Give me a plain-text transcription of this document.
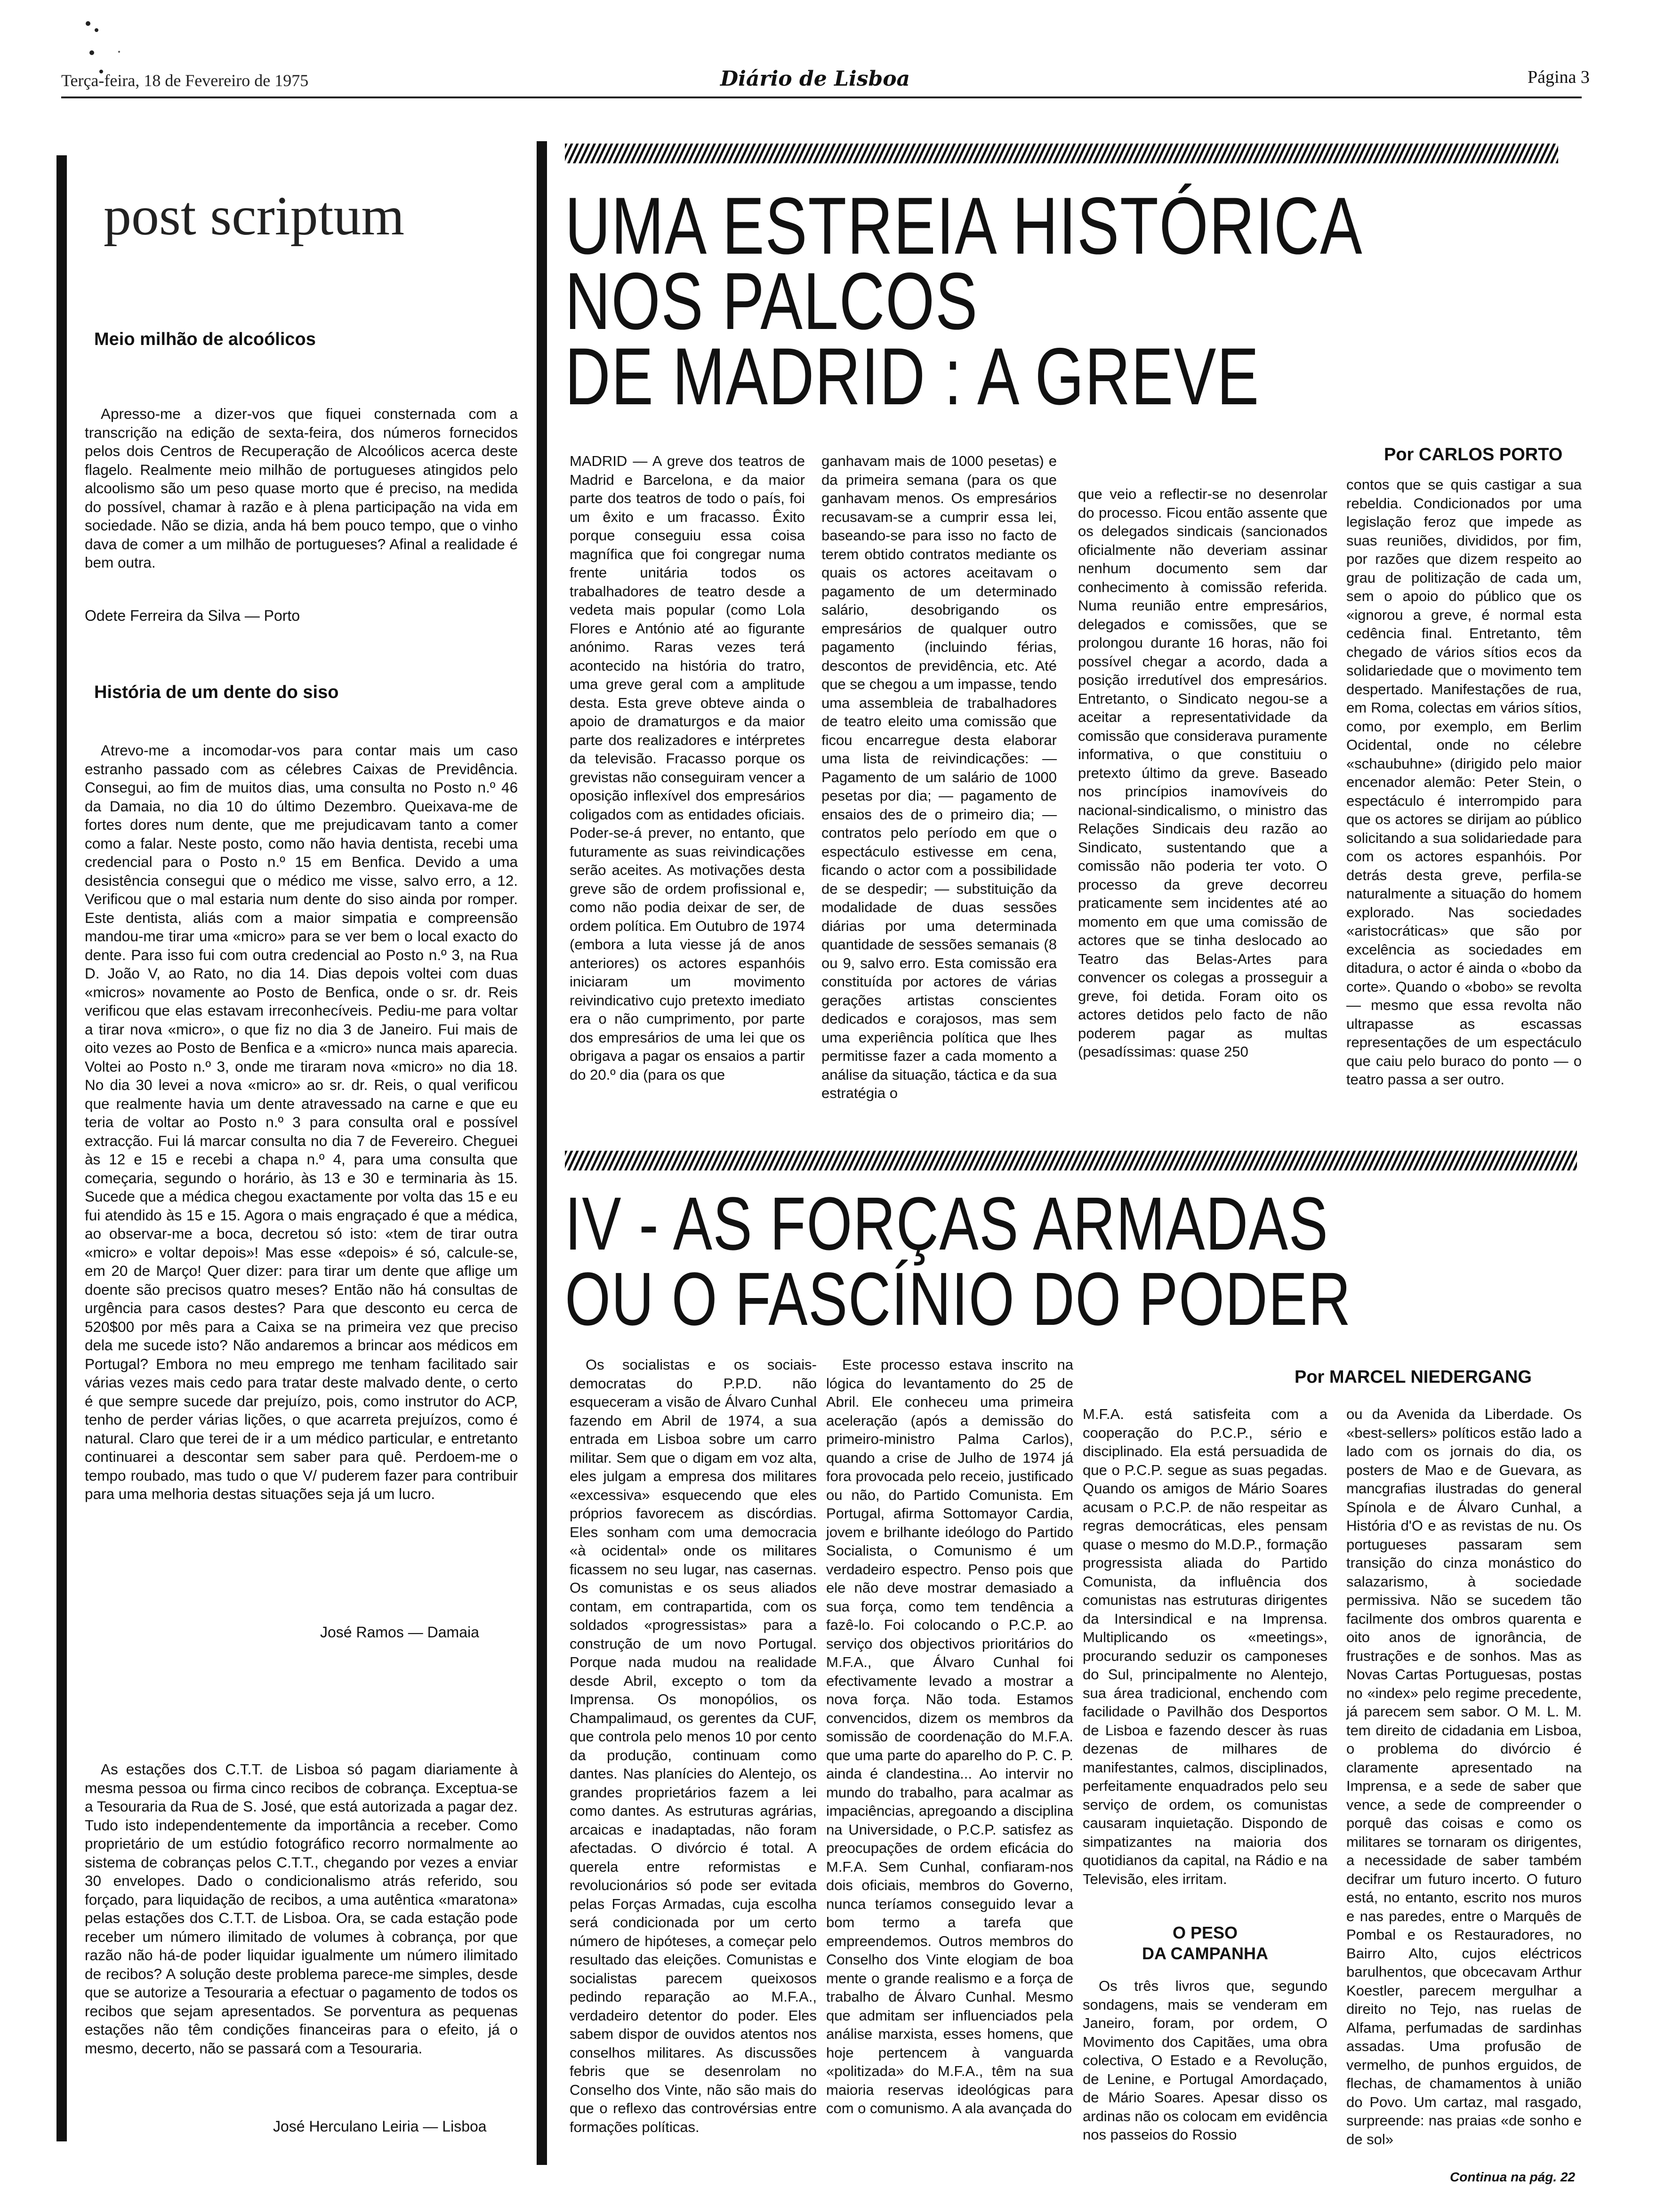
Terça-feira, 18 de Fevereiro de 1975	Diário de Lisboa	Página 3
post scriptum
Meio milhão de alcoólicos

Apresso-me a dizer-vos que fiquei consternada com a transcrição na edição de sexta-feira, dos números fornecidos pelos dois Centros de Recuperação de Alcoólicos acerca deste flagelo. Realmente meio milhão de portugueses atingidos pelo alcoolismo são um peso quase morto que é preciso, na medida do possível, chamar à razão e à plena participação na vida em sociedade. Não se dizia, anda há bem pouco tempo, que o vinho dava de comer a um milhão de portugueses? Afinal a realidade é bem outra.

Odete Ferreira da Silva — Porto
História de um dente do siso

Atrevo-me a incomodar-vos para contar mais um caso estranho passado com as célebres Caixas de Previdência. Consegui, ao fim de muitos dias, uma consulta no Posto n.º 46 da Damaia, no dia 10 do último Dezembro. Queixava-me de fortes dores num dente, que me prejudicavam tanto a comer como a falar. Neste posto, como não havia dentista, recebi uma credencial para o Posto n.º 15 em Benfica. Devido a uma desistência consegui que o médico me visse, salvo erro, a 12. Verificou que o mal estaria num dente do siso ainda por romper. Este dentista, aliás com a maior simpatia e compreensão mandou-me tirar uma «micro» para se ver bem o local exacto do dente. Para isso fui com outra credencial ao Posto n.º 3, na Rua D. João V, ao Rato, no dia 14. Dias depois voltei com duas «micros» novamente ao Posto de Benfica, onde o sr. dr. Reis verificou que elas estavam irreconhecíveis. Pediu-me para voltar a tirar nova «micro», o que fiz no dia 3 de Janeiro. Fui mais de oito vezes ao Posto de Benfica e a «micro» nunca mais aparecia. Voltei ao Posto n.º 3, onde me tiraram nova «micro» no dia 18. No dia 30 levei a nova «micro» ao sr. dr. Reis, o qual verificou que realmente havia um dente atravessado na carne e que eu teria de voltar ao Posto n.º 3 para consulta oral e possível extracção. Fui lá marcar consulta no dia 7 de Fevereiro. Cheguei às 12 e 15 e recebi a chapa n.º 4, para uma consulta que começaria, segundo o horário, às 13 e 30 e terminaria às 15. Sucede que a médica chegou exactamente por volta das 15 e eu fui atendido às 15 e 15. Agora o mais engraçado é que a médica, ao observar-me a boca, decretou só isto: «tem de tirar outra «micro» e voltar depois»! Mas esse «depois» é só, calcule-se, em 20 de Março! Quer dizer: para tirar um dente que aflige um doente são precisos quatro meses? Então não há consultas de urgência para casos destes? Para que desconto eu cerca de 520$00 por mês para a Caixa se na primeira vez que preciso dela me sucede isto? Não andaremos a brincar aos médicos em Portugal? Embora no meu emprego me tenham facilitado sair várias vezes mais cedo para tratar deste malvado dente, o certo é que sempre sucede dar prejuízo, pois, como instrutor do ACP, tenho de perder várias lições, o que acarreta prejuízos, como é natural. Claro que terei de ir a um médico particular, e entretanto continuarei a descontar sem saber para quê. Perdoem-me o tempo roubado, mas tudo o que V/ puderem fazer para contribuir para uma melhoria destas situações seja já um lucro.

José Ramos — Damaia

As estações dos C.T.T. de Lisboa só pagam diariamente à mesma pessoa ou firma cinco recibos de cobrança. Exceptua-se a Tesouraria da Rua de S. José, que está autorizada a pagar dez. Tudo isto independentemente da importância a receber. Como proprietário de um estúdio fotográfico recorro normalmente ao sistema de cobranças pelos C.T.T., chegando por vezes a enviar 30 envelopes. Dado o condicionalismo atrás referido, sou forçado, para liquidação de recibos, a uma autêntica «maratona» pelas estações dos C.T.T. de Lisboa. Ora, se cada estação pode receber um número ilimitado de volumes à cobrança, por que razão não há-de poder liquidar igualmente um número ilimitado de recibos? A solução deste problema parece-me simples, desde que se autorize a Tesouraria a efectuar o pagamento de todos os recibos que sejam apresentados. Se porventura as pequenas estações não têm condições financeiras para o efeito, já o mesmo, decerto, não se passará com a Tesouraria.

José Herculano Leiria — Lisboa
UMA ESTREIA HISTÓRICA
NOS PALCOS
DE MADRID : A GREVE
Por CARLOS PORTO

MADRID — A greve dos teatros de Madrid e Barcelona, e da maior parte dos teatros de todo o país, foi um êxito e um fracasso. Êxito porque conseguiu essa coisa magnífica que foi congregar numa frente unitária todos os trabalhadores de teatro desde a vedeta mais popular (como Lola Flores e António até ao figurante anónimo. Raras vezes terá acontecido na história do tratro, uma greve geral com a amplitude desta. Esta greve obteve ainda o apoio de dramaturgos e da maior parte dos realizadores e intérpretes da televisão. Fracasso porque os grevistas não conseguiram vencer a oposição inflexível dos empresários coligados com as entidades oficiais. Poder-se-á prever, no entanto, que futuramente as suas reivindicações serão aceites. As motivações desta greve são de ordem profissional e, como não podia deixar de ser, de ordem política. Em Outubro de 1974 (embora a luta viesse já de anos anteriores) os actores espanhóis iniciaram um movimento reivindicativo cujo pretexto imediato era o não cumprimento, por parte dos empresários de uma lei que os obrigava a pagar os ensaios a partir do 20.º dia (para os que

ganhavam mais de 1000 pesetas) e da primeira semana (para os que ganhavam menos. Os empresários recusavam-se a cumprir essa lei, baseando-se para isso no facto de terem obtido contratos mediante os quais os actores aceitavam o pagamento de um determinado salário, desobrigando os empresários de qualquer outro pagamento (incluindo férias, descontos de previdência, etc. Até que se chegou a um impasse, tendo uma assembleia de trabalhadores de teatro eleito uma comissão que ficou encarregue desta elaborar uma lista de reivindicações: — Pagamento de um salário de 1000 pesetas por dia; — pagamento de ensaios des de o primeiro dia; — contratos pelo período em que o espectáculo estivesse em cena, ficando o actor com a possibilidade de se despedir; — substituição da modalidade de duas sessões diárias por uma determinada quantidade de sessões semanais (8 ou 9, salvo erro. Esta comissão era constituída por actores de várias gerações artistas conscientes dedicados e corajosos, mas sem uma experiência política que lhes permitisse fazer a cada momento a análise da situação, táctica e da sua estratégia o

que veio a reflectir-se no desenrolar do processo. Ficou então assente que os delegados sindicais (sancionados oficialmente não deveriam assinar nenhum documento sem dar conhecimento à comissão referida. Numa reunião entre empresários, delegados e comissões, que se prolongou durante 16 horas, não foi possível chegar a acordo, dada a posição irredutível dos empresários. Entretanto, o Sindicato negou-se a aceitar a representatividade da comissão que considerava puramente informativa, o que constituiu o pretexto último da greve. Baseado nos princípios inamovíveis do nacional-sindicalismo, o ministro das Relações Sindicais deu razão ao Sindicato, sustentando que a comissão não poderia ter voto. O processo da greve decorreu praticamente sem incidentes até ao momento em que uma comissão de actores que se tinha deslocado ao Teatro das Belas-Artes para convencer os colegas a prosseguir a greve, foi detida. Foram oito os actores detidos pelo facto de não poderem pagar as multas (pesadíssimas: quase 250

contos que se quis castigar a sua rebeldia. Condicionados por uma legislação feroz que impede as suas reuniões, divididos, por fim, por razões que dizem respeito ao grau de politização de cada um, sem o apoio do público que os «ignorou a greve, é normal esta cedência final. Entretanto, têm chegado de vários sítios ecos da solidariedade que o movimento tem despertado. Manifestações de rua, em Roma, colectas em vários sítios, como, por exemplo, em Berlim Ocidental, onde no célebre «schaubuhne» (dirigido pelo maior encenador alemão: Peter Stein, o espectáculo é interrompido para que os actores se dirijam ao público solicitando a sua solidariedade para com os actores espanhóis. Por detrás desta greve, perfila-se naturalmente a situação do homem explorado. Nas sociedades «aristocráticas» que são por excelência as sociedades em ditadura, o actor é ainda o «bobo da corte». Quando o «bobo» se revolta — mesmo que essa revolta não ultrapasse as escassas representações de um espectáculo que caiu pelo buraco do ponto — o teatro passa a ser outro.

IV - AS FORÇAS ARMADAS
OU O FASCÍNIO DO PODER
Por MARCEL NIEDERGANG

Os socialistas e os sociais-democratas do P.P.D. não esqueceram a visão de Álvaro Cunhal fazendo em Abril de 1974, a sua entrada em Lisboa sobre um carro militar. Sem que o digam em voz alta, eles julgam a empresa dos militares «excessiva» esquecendo que eles próprios favorecem as discórdias. Eles sonham com uma democracia «à ocidental» onde os militares ficassem no seu lugar, nas casernas. Os comunistas e os seus aliados contam, em contrapartida, com os soldados «progressistas» para a construção de um novo Portugal. Porque nada mudou na realidade desde Abril, excepto o tom da Imprensa. Os monopólios, os Champalimaud, os gerentes da CUF, que controla pelo menos 10 por cento da produção, continuam como dantes. Nas planícies do Alentejo, os grandes proprietários fazem a lei como dantes. As estruturas agrárias, arcaicas e inadaptadas, não foram afectadas. O divórcio é total. A querela entre reformistas e revolucionários só pode ser evitada pelas Forças Armadas, cuja escolha será condicionada por um certo número de hipóteses, a começar pelo resultado das eleições. Comunistas e socialistas parecem queixosos pedindo reparação ao M.F.A., verdadeiro detentor do poder. Eles sabem dispor de ouvidos atentos nos conselhos militares. As discussões febris que se desenrolam no Conselho dos Vinte, não são mais do que o reflexo das controvérsias entre formações políticas.

Este processo estava inscrito na lógica do levantamento do 25 de Abril. Ele conheceu uma primeira aceleração (após a demissão do primeiro-ministro Palma Carlos), quando a crise de Julho de 1974 já fora provocada pelo receio, justificado ou não, do Partido Comunista. Em Portugal, afirma Sottomayor Cardia, jovem e brilhante ideólogo do Partido Socialista, o Comunismo é um verdadeiro espectro. Penso pois que ele não deve mostrar demasiado a sua força, como tem tendência a fazê-lo. Foi colocando o P.C.P. ao serviço dos objectivos prioritários do M.F.A., que Álvaro Cunhal foi efectivamente levado a mostrar a nova força. Não toda. Estamos convencidos, dizem os membros da somissão de coordenação do M.F.A. que uma parte do aparelho do P. C. P. ainda é clandestina... Ao intervir no mundo do trabalho, para acalmar as impaciências, apregoando a disciplina na Universidade, o P.C.P. satisfez as preocupações de ordem eficácia do M.F.A. Sem Cunhal, confiaram-nos dois oficiais, membros do Governo, nunca teríamos conseguido levar a bom termo a tarefa que empreendemos. Outros membros do Conselho dos Vinte elogiam de boa mente o grande realismo e a força de trabalho de Álvaro Cunhal. Mesmo que admitam ser influenciados pela análise marxista, esses homens, que hoje pertencem à vanguarda «politizada» do M.F.A., têm na sua maioria reservas ideológicas para com o comunismo. A ala avançada do

M.F.A. está satisfeita com a cooperação do P.C.P., sério e disciplinado. Ela está persuadida de que o P.C.P. segue as suas pegadas. Quando os amigos de Mário Soares acusam o P.C.P. de não respeitar as regras democráticas, eles pensam quase o mesmo do M.D.P., formação progressista aliada do Partido Comunista, da influência dos comunistas nas estruturas dirigentes da Intersindical e na Imprensa. Multiplicando os «meetings», procurando seduzir os camponeses do Sul, principalmente no Alentejo, sua área tradicional, enchendo com facilidade o Pavilhão dos Desportos de Lisboa e fazendo descer às ruas dezenas de milhares de manifestantes, calmos, disciplinados, perfeitamente enquadrados pelo seu serviço de ordem, os comunistas causaram inquietação. Dispondo de simpatizantes na maioria dos quotidianos da capital, na Rádio e na Televisão, eles irritam.

O PESO
DA CAMPANHA

Os três livros que, segundo sondagens, mais se venderam em Janeiro, foram, por ordem, O Movimento dos Capitães, uma obra colectiva, O Estado e a Revolução, de Lenine, e Portugal Amordaçado, de Mário Soares. Apesar disso os ardinas não os colocam em evidência nos passeios do Rossio

ou da Avenida da Liberdade. Os «best-sellers» políticos estão lado a lado com os jornais do dia, os posters de Mao e de Guevara, as mancgrafias ilustradas do general Spínola e de Álvaro Cunhal, a História d'O e as revistas de nu. Os portugueses passaram sem transição do cinza monástico do salazarismo, à sociedade permissiva. Não se sucedem tão facilmente dos ombros quarenta e oito anos de ignorância, de frustrações e de sonhos. Mas as Novas Cartas Portuguesas, postas no «index» pelo regime precedente, já parecem sem sabor. O M. L. M. tem direito de cidadania em Lisboa, o problema do divórcio é claramente apresentado na Imprensa, e a sede de saber que vence, a sede de compreender o porquê das coisas e como os militares se tornaram os dirigentes, a necessidade de saber também decifrar um futuro incerto. O futuro está, no entanto, escrito nos muros e nas paredes, entre o Marquês de Pombal e os Restauradores, no Bairro Alto, cujos eléctricos barulhentos, que obcecavam Arthur Koestler, parecem mergulhar a direito no Tejo, nas ruelas de Alfama, perfumadas de sardinhas assadas. Uma profusão de vermelho, de punhos erguidos, de flechas, de chamamentos à união do Povo. Um cartaz, mal rasgado, surpreende: nas praias «de sonho e de sol»

Continua na pág. 22
